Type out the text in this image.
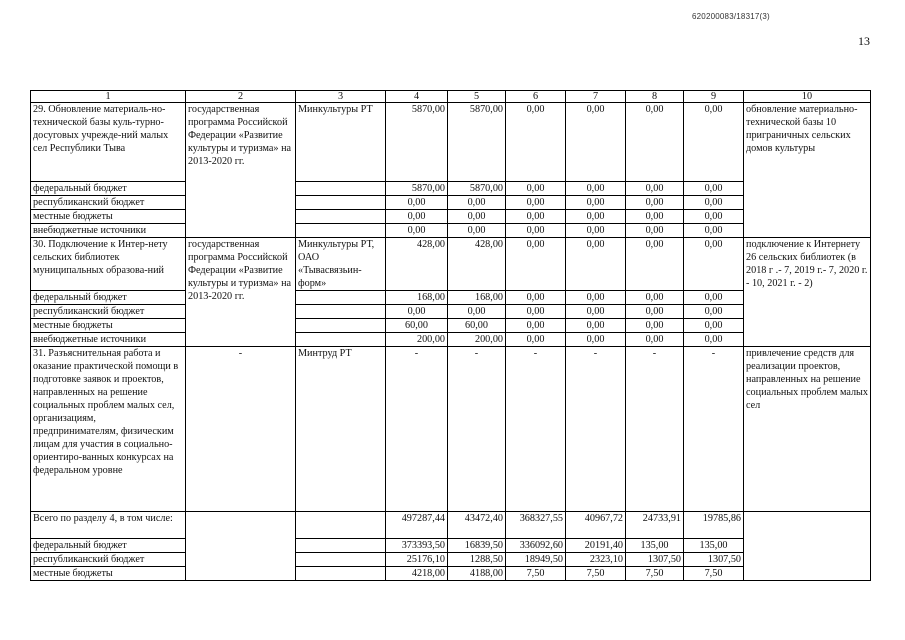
620200083/18317(3)
13
1	2	3	4	5	6	7	8	9	10
29. Обновление материаль-но-технической базы куль-турно-досуговых учрежде-ний малых сел Республики Тыва	государственная программа Российской Федерации «Развитие культуры и туризма» на 2013-2020 гг.	Минкультуры РТ	5870,00	5870,00	0,00	0,00	0,00	0,00	обновление материально-технической базы 10 приграничных сельских домов культуры
федеральный бюджет			5870,00	5870,00	0,00	0,00	0,00	0,00	
республиканский бюджет			0,00	0,00	0,00	0,00	0,00	0,00	
местные бюджеты			0,00	0,00	0,00	0,00	0,00	0,00	
внебюджетные источники			0,00	0,00	0,00	0,00	0,00	0,00	
30. Подключение к Интер-нету сельских библиотек муниципальных образова-ний	государственная программа Российской Федерации «Развитие культуры и туризма» на 2013-2020 гг.	Минкультуры РТ, ОАО «Тывасвязьин-форм»	428,00	428,00	0,00	0,00	0,00	0,00	подключение к Интернету 26 сельских библиотек (в 2018 г .- 7, 2019 г.- 7, 2020 г. - 10, 2021 г. - 2)
федеральный бюджет			168,00	168,00	0,00	0,00	0,00	0,00	
республиканский бюджет			0,00	0,00	0,00	0,00	0,00	0,00	
местные бюджеты			60,00	60,00	0,00	0,00	0,00	0,00	
внебюджетные источники			200,00	200,00	0,00	0,00	0,00	0,00	
31. Разъяснительная работа и оказание практической помощи в подготовке заявок и проектов, направленных на решение социальных проблем малых сел, организациям, предпринимателям, физическим лицам для участия в социально-ориентиро-ванных конкурсах на федеральном уровне	-	Минтруд РТ	-	-	-	-	-	-	привлечение средств для реализации проектов, направленных на решение социальных проблем малых сел
Всего по разделу 4, в том числе:			497287,44	43472,40	368327,55	40967,72	24733,91	19785,86	
федеральный бюджет			373393,50	16839,50	336092,60	20191,40	135,00	135,00	
республиканский бюджет			25176,10	1288,50	18949,50	2323,10	1307,50	1307,50	
местные бюджеты			4218,00	4188,00	7,50	7,50	7,50	7,50	
